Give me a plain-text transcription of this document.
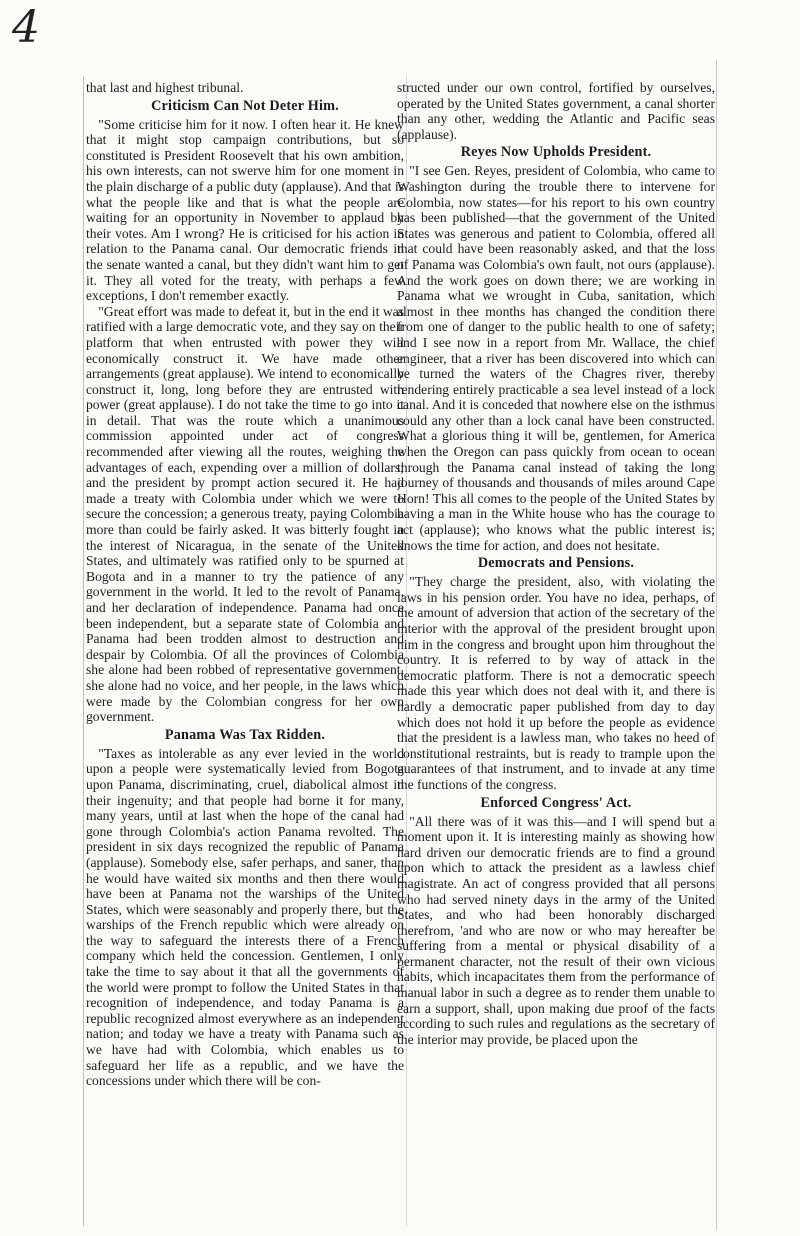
4

that last and highest tribunal.

Criticism Can Not Deter Him.

"Some criticise him for it now. I often hear it. He knew that it might stop campaign contributions, but so constituted is President Roosevelt that his own ambition, his own interests, can not swerve him for one moment in the plain discharge of a public duty (applause). And that is what the people like and that is what the people are waiting for an opportunity in November to applaud by their votes. Am I wrong? He is criticised for his action in relation to the Panama canal. Our democratic friends in the senate wanted a canal, but they didn't want him to get it. They all voted for the treaty, with perhaps a few exceptions, I don't remember exactly.

"Great effort was made to defeat it, but in the end it was ratified with a large democratic vote, and they say on their platform that when entrusted with power they will economically construct it. We have made other arrangements (great applause). We intend to economically construct it, long, long before they are entrusted with power (great applause). I do not take the time to go into it in detail. That was the route which a unanimous commission appointed under act of congress recommended after viewing all the routes, weighing the advantages of each, expending over a million of dollars; and the president by prompt action secured it. He had made a treaty with Colombia under which we were to secure the concession; a generous treaty, paying Colombia more than could be fairly asked. It was bitterly fought in the interest of Nicaragua, in the senate of the United States, and ultimately was ratified only to be spurned at Bogota and in a manner to try the patience of any government in the world. It led to the revolt of Panama, and her declaration of independence. Panama had once been independent, but a separate state of Colombia and Panama had been trodden almost to destruction and despair by Colombia. Of all the provinces of Colombia she alone had been robbed of representative government, she alone had no voice, and her people, in the laws which were made by the Colombian congress for her own government.

Panama Was Tax Ridden.

"Taxes as intolerable as any ever levied in the world upon a people were systematically levied from Bogota upon Panama, discriminating, cruel, diabolical almost in their ingenuity; and that people had borne it for many, many years, until at last when the hope of the canal had gone through Colombia's action Panama revolted. The president in six days recognized the republic of Panama (applause). Somebody else, safer perhaps, and saner, than he would have waited six months and then there would have been at Panama not the warships of the United States, which were seasonably and properly there, but the warships of the French republic which were already on the way to safeguard the interests there of a French company which held the concession. Gentlemen, I only take the time to say about it that all the governments of the world were prompt to follow the United States in that recognition of independence, and today Panama is a republic recognized almost everywhere as an independent nation; and today we have a treaty with Panama such as we have had with Colombia, which enables us to safeguard her life as a republic, and we have the concessions under which there will be con-

structed under our own control, fortified by ourselves, operated by the United States government, a canal shorter than any other, wedding the Atlantic and Pacific seas (applause).

Reyes Now Upholds President.

"I see Gen. Reyes, president of Colombia, who came to Washington during the trouble there to intervene for Colombia, now states—for his report to his own country has been published—that the government of the United States was generous and patient to Colombia, offered all that could have been reasonably asked, and that the loss of Panama was Colombia's own fault, not ours (applause). And the work goes on down there; we are working in Panama what we wrought in Cuba, sanitation, which almost in thee months has changed the condition there from one of danger to the public health to one of safety; and I see now in a report from Mr. Wallace, the chief engineer, that a river has been discovered into which can be turned the waters of the Chagres river, thereby rendering entirely practicable a sea level instead of a lock canal. And it is conceded that nowhere else on the isthmus could any other than a lock canal have been constructed. What a glorious thing it will be, gentlemen, for America when the Oregon can pass quickly from ocean to ocean through the Panama canal instead of taking the long journey of thousands and thousands of miles around Cape Horn! This all comes to the people of the United States by having a man in the White house who has the courage to act (applause); who knows what the public interest is; knows the time for action, and does not hesitate.

Democrats and Pensions.

"They charge the president, also, with violating the laws in his pension order. You have no idea, perhaps, of the amount of adversion that action of the secretary of the interior with the approval of the president brought upon him in the congress and brought upon him throughout the country. It is referred to by way of attack in the democratic platform. There is not a democratic speech made this year which does not deal with it, and there is hardly a democratic paper published from day to day which does not hold it up before the people as evidence that the president is a lawless man, who takes no heed of constitutional restraints, but is ready to trample upon the guarantees of that instrument, and to invade at any time the functions of the congress.

Enforced Congress' Act.

"All there was of it was this—and I will spend but a moment upon it. It is interesting mainly as showing how hard driven our democratic friends are to find a ground upon which to attack the president as a lawless chief magistrate. An act of congress provided that all persons who had served ninety days in the army of the United States, and who had been honorably discharged therefrom, 'and who are now or who may hereafter be suffering from a mental or physical disability of a permanent character, not the result of their own vicious habits, which incapacitates them from the performance of manual labor in such a degree as to render them unable to earn a support, shall, upon making due proof of the facts according to such rules and regulations as the secretary of the interior may provide, be placed upon the
